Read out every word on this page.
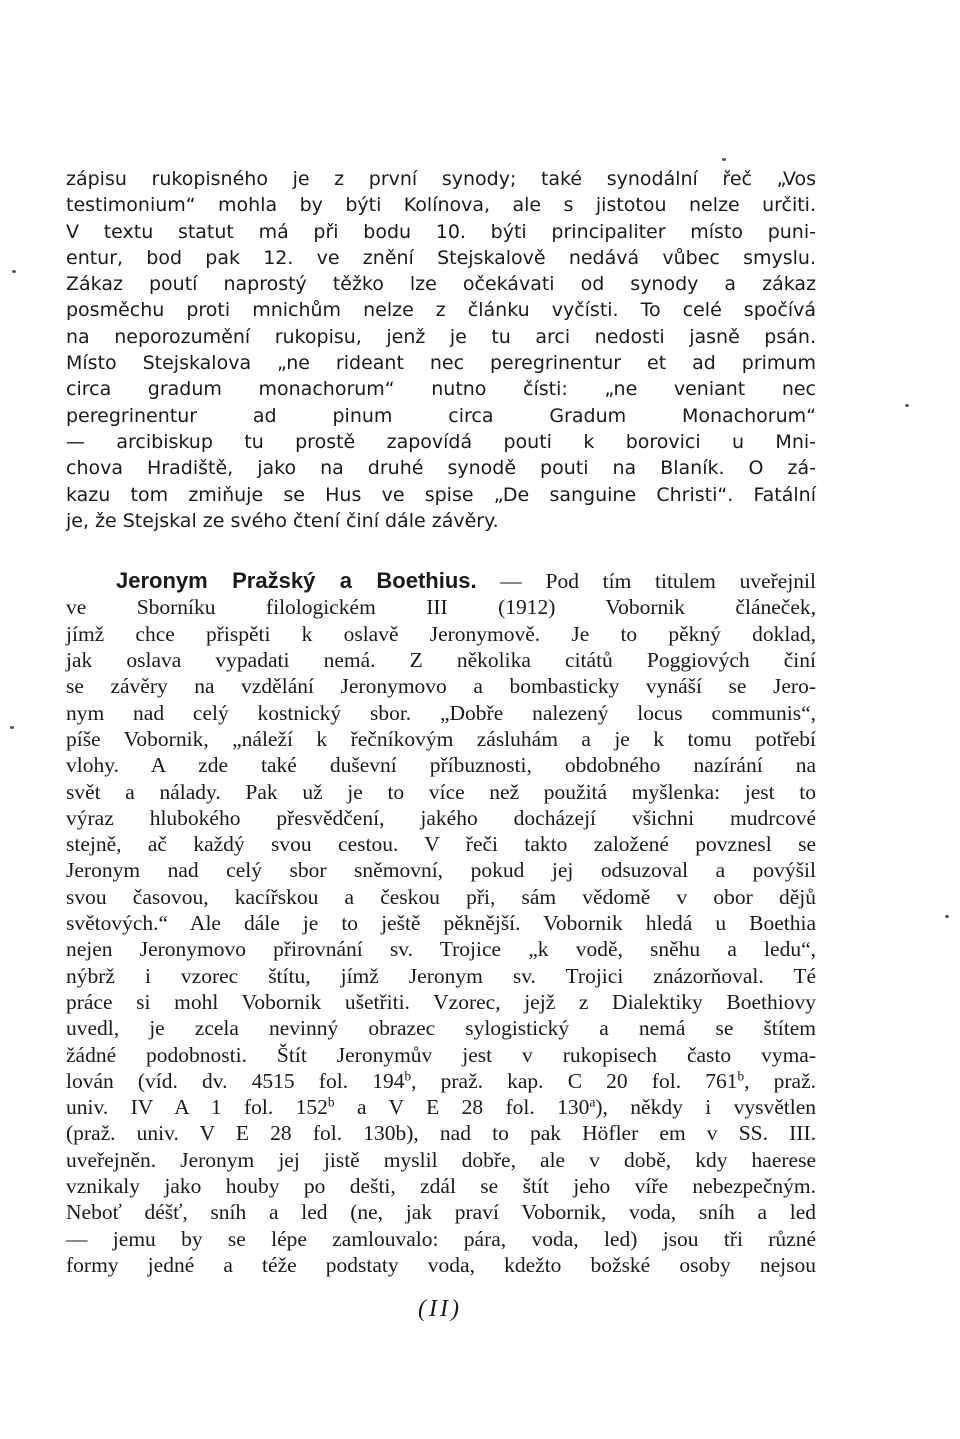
zápisu rukopisného je z první synody; také synodální řeč „Vos
testimonium“ mohla by býti Kolínova, ale s jistotou nelze určiti.
V textu statut má při bodu 10. býti principaliter místo puni-
entur, bod pak 12. ve znění Stejskalově nedává vůbec smyslu.
Zákaz poutí naprostý těžko lze očekávati od synody a zákaz
posměchu proti mnichům nelze z článku vyčísti. To celé spočívá
na neporozumění rukopisu, jenž je tu arci nedosti jasně psán.
Místo Stejskalova „ne rideant nec peregrinentur et ad primum
circa gradum monachorum“ nutno čísti: „ne veniant nec
peregrinentur ad pinum circa Gradum Monachorum“
— arcibiskup tu prostě zapovídá pouti k borovici u Mni-
chova Hradiště, jako na druhé synodě pouti na Blaník. O zá-
kazu tom zmiňuje se Hus ve spise „De sanguine Christi“. Fatální
je, že Stejskal ze svého čtení činí dále závěry.
Jeronym Pražský a Boethius. — Pod tím titulem uveřejnil
ve Sborníku filologickém III (1912) Vobornik článeček,
jímž chce přispěti k oslavě Jeronymově. Je to pěkný doklad,
jak oslava vypadati nemá. Z několika citátů Poggiových činí
se závěry na vzdělání Jeronymovo a bombasticky vynáší se Jero-
nym nad celý kostnický sbor. „Dobře nalezený locus communis“,
píše Vobornik, „náleží k řečníkovým zásluhám a je k tomu potřebí
vlohy. A zde také duševní příbuznosti, obdobného nazírání na
svět a nálady. Pak už je to více než použitá myšlenka: jest to
výraz hlubokého přesvědčení, jakého docházejí všichni mudrcové
stejně, ač každý svou cestou. V řeči takto založené povznesl se
Jeronym nad celý sbor sněmovní, pokud jej odsuzoval a povýšil
svou časovou, kacířskou a českou při, sám vědomě v obor dějů
světových.“ Ale dále je to ještě pěknější. Vobornik hledá u Boethia
nejen Jeronymovo přirovnání sv. Trojice „k vodě, sněhu a ledu“,
nýbrž i vzorec štítu, jímž Jeronym sv. Trojici znázorňoval. Té
práce si mohl Vobornik ušetřiti. Vzorec, jejž z Dialektiky Boethiovy
uvedl, je zcela nevinný obrazec sylogistický a nemá se štítem
žádné podobnosti. Štít Jeronymův jest v rukopisech často vyma-
lován (víd. dv. 4515 fol. 194$^b$, praž. kap. C 20 fol. 761$^b$, praž.
univ. IV A 1 fol. 152$^b$ a V E 28 fol. 130$^a$), někdy i vysvětlen
(praž. univ. V E 28 fol. 130b), nad to pak Höfler em v SS. III.
uveřejněn. Jeronym jej jistě myslil dobře, ale v době, kdy haerese
vznikaly jako houby po dešti, zdál se štít jeho víře nebezpečným.
Neboť déšť, sníh a led (ne, jak praví Vobornik, voda, sníh a led
— jemu by se lépe zamlouvalo: pára, voda, led) jsou tři různé
formy jedné a téže podstaty voda, kdežto božské osoby nejsou
(II)
